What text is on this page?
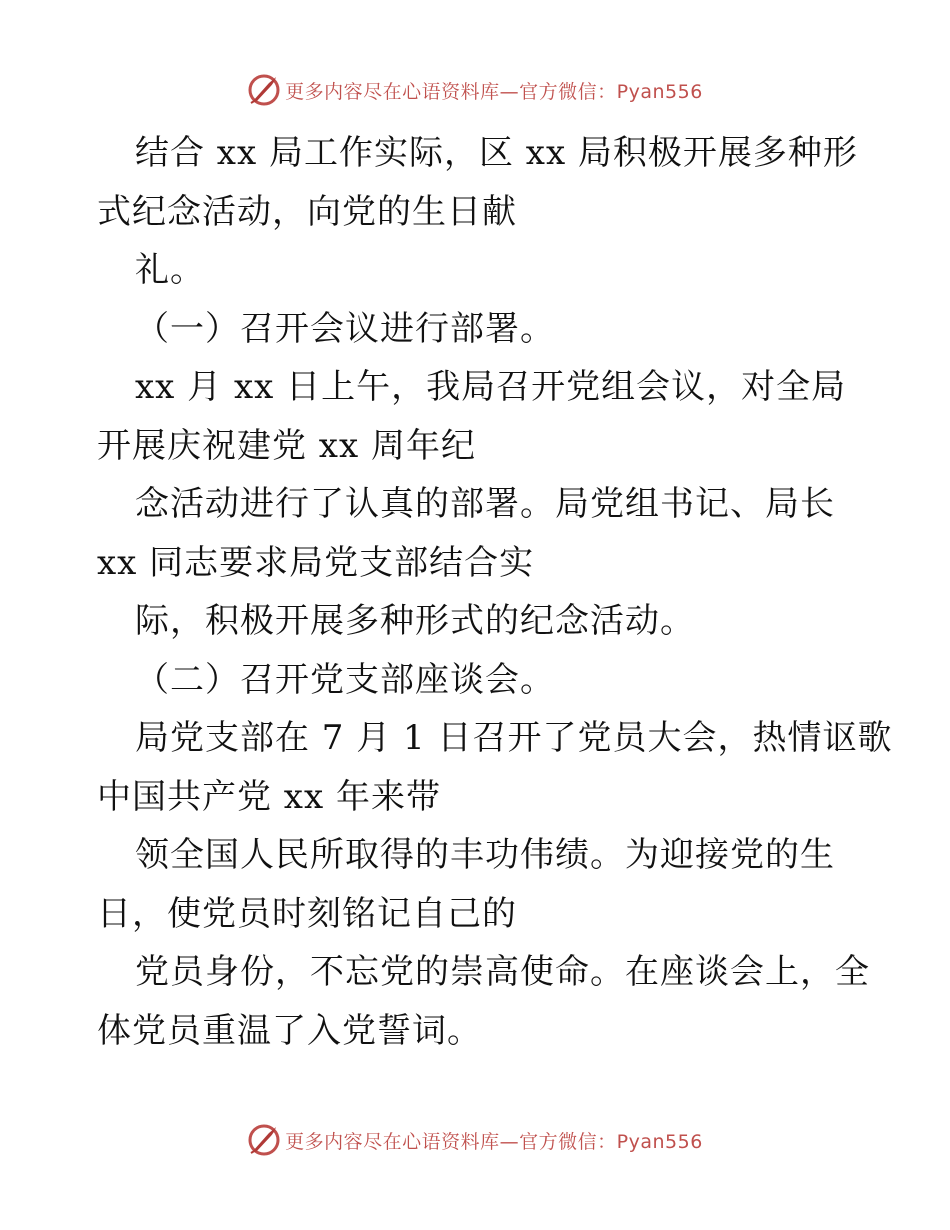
更多内容尽在心语资料库—官方微信：Pyan556
结合 xx 局工作实际，区 xx 局积极开展多种形
式纪念活动，向党的生日献
礼。
（一）召开会议进行部署。
xx 月 xx 日上午，我局召开党组会议，对全局
开展庆祝建党 xx 周年纪
念活动进行了认真的部署。局党组书记、局长
xx 同志要求局党支部结合实
际，积极开展多种形式的纪念活动。
（二）召开党支部座谈会。
局党支部在 7 月 1 日召开了党员大会，热情讴歌
中国共产党 xx 年来带
领全国人民所取得的丰功伟绩。为迎接党的生
日，使党员时刻铭记自己的
党员身份，不忘党的崇高使命。在座谈会上，全
体党员重温了入党誓词。
更多内容尽在心语资料库—官方微信：Pyan556
